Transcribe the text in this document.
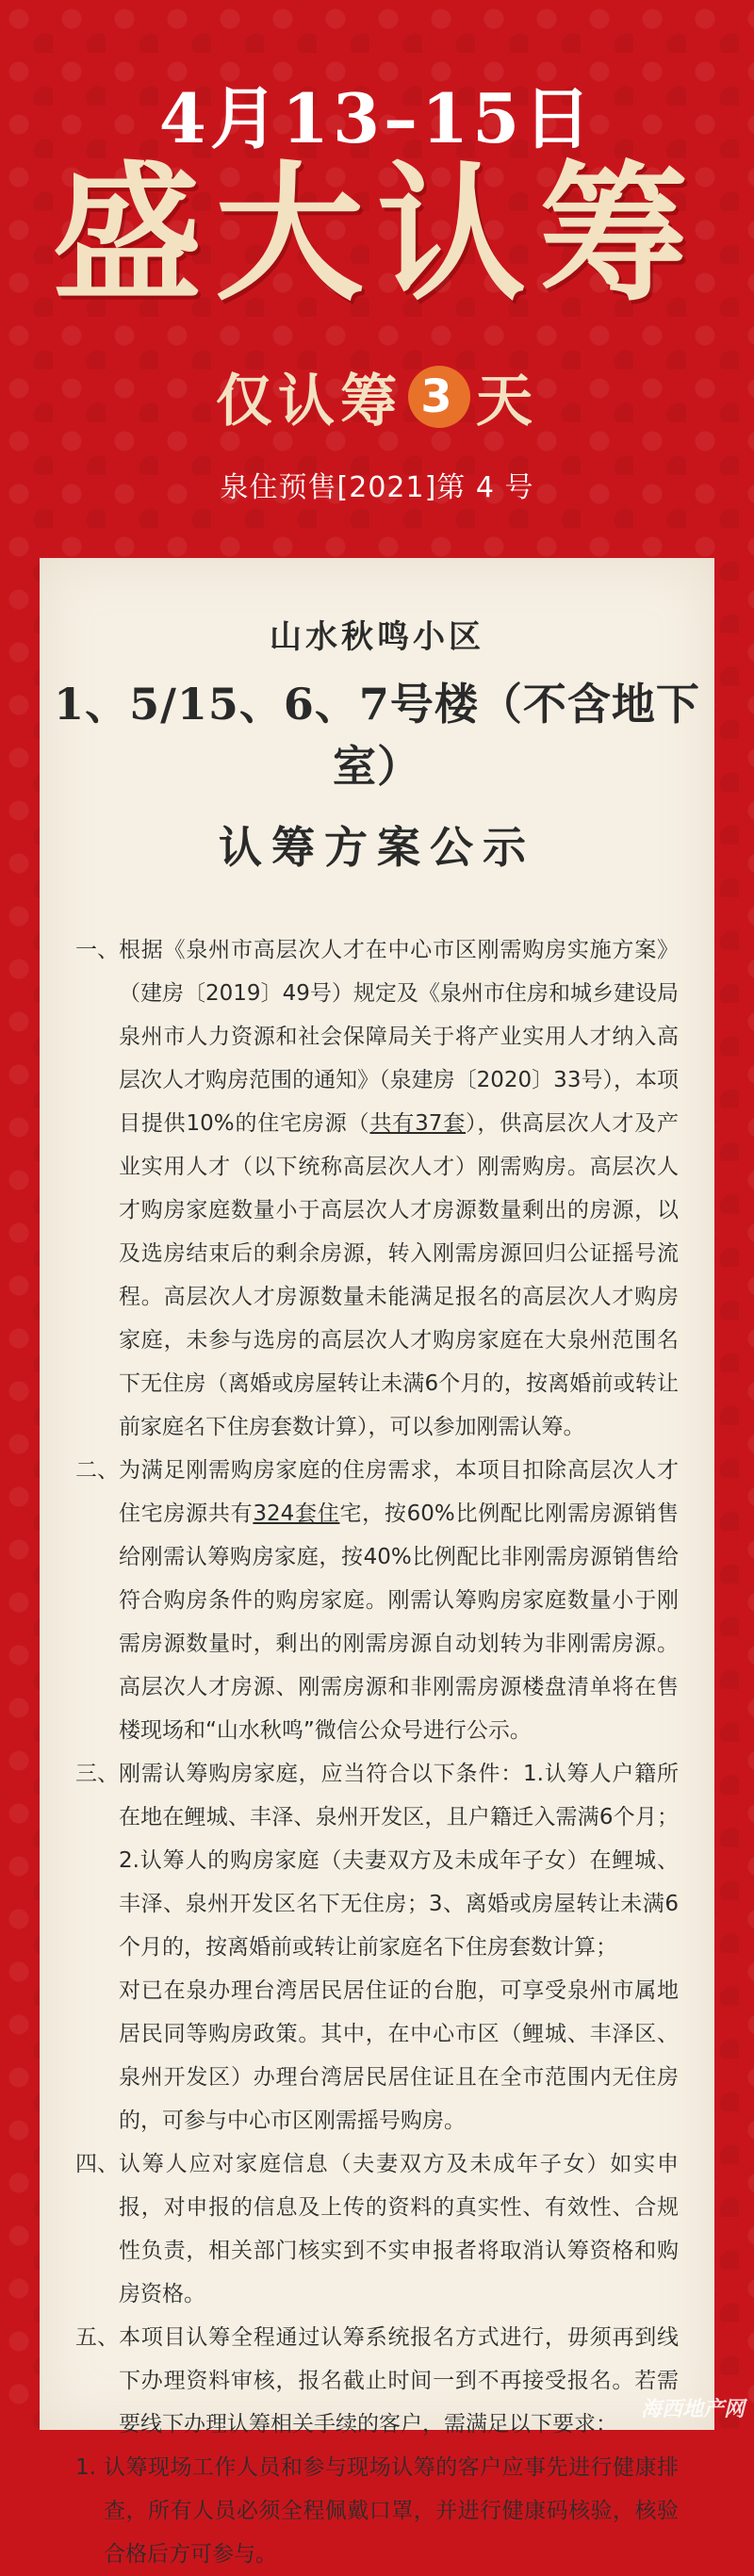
4月13–15日
盛大认筹
仅认筹 3 天
泉住预售[2021]第 4 号
山水秋鸣小区
1、5/15、6、7号楼（不含地下室）
认筹方案公示
一、 根据《泉州市高层次人才在中心市区刚需购房实施方案》（建房〔2019〕49号）规定及《泉州市住房和城乡建设局泉州市人力资源和社会保障局关于将产业实用人才纳入高层次人才购房范围的通知》（泉建房〔2020〕33号），本项目提供10%的住宅房源（共有37套），供高层次人才及产业实用人才（以下统称高层次人才）刚需购房。高层次人才购房家庭数量小于高层次人才房源数量剩出的房源，以及选房结束后的剩余房源，转入刚需房源回归公证摇号流程。高层次人才房源数量未能满足报名的高层次人才购房家庭，未参与选房的高层次人才购房家庭在大泉州范围名下无住房（离婚或房屋转让未满6个月的，按离婚前或转让前家庭名下住房套数计算），可以参加刚需认筹。
二、 为满足刚需购房家庭的住房需求，本项目扣除高层次人才住宅房源共有324套住宅，按60%比例配比刚需房源销售给刚需认筹购房家庭，按40%比例配比非刚需房源销售给符合购房条件的购房家庭。刚需认筹购房家庭数量小于刚需房源数量时，剩出的刚需房源自动划转为非刚需房源。高层次人才房源、刚需房源和非刚需房源楼盘清单将在售楼现场和“山水秋鸣”微信公众号进行公示。
三、 刚需认筹购房家庭，应当符合以下条件：1.认筹人户籍所在地在鲤城、丰泽、泉州开发区，且户籍迁入需满6个月；2.认筹人的购房家庭（夫妻双方及未成年子女）在鲤城、丰泽、泉州开发区名下无住房；3、离婚或房屋转让未满6个月的，按离婚前或转让前家庭名下住房套数计算；
对已在泉办理台湾居民居住证的台胞，可享受泉州市属地居民同等购房政策。其中，在中心市区（鲤城、丰泽区、泉州开发区）办理台湾居民居住证且在全市范围内无住房的，可参与中心市区刚需摇号购房。
四、 认筹人应对家庭信息（夫妻双方及未成年子女）如实申报，对申报的信息及上传的资料的真实性、有效性、合规性负责，相关部门核实到不实申报者将取消认筹资格和购房资格。
五、 本项目认筹全程通过认筹系统报名方式进行，毋须再到线下办理资料审核，报名截止时间一到不再接受报名。若需要线下办理认筹相关手续的客户，需满足以下要求：
1. 认筹现场工作人员和参与现场认筹的客户应事先进行健康排查，所有人员必须全程佩戴口罩，并进行健康码核验，核验合格后方可参与。
海西地产网
